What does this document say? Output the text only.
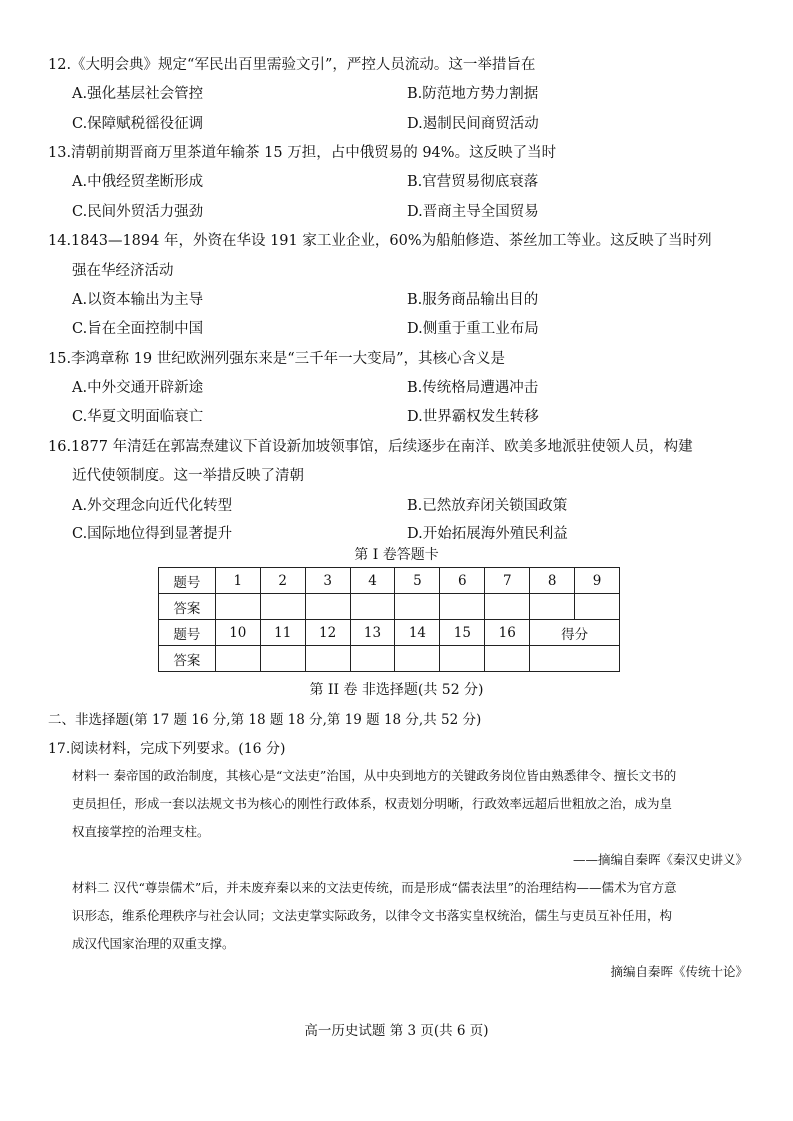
12.《大明会典》规定“军民出百里需验文引”，严控人员流动。这一举措旨在
A.强化基层社会管控	B.防范地方势力割据
C.保障赋税徭役征调	D.遏制民间商贸活动
13.清朝前期晋商万里茶道年输茶 15 万担，占中俄贸易的 94%。这反映了当时
A.中俄经贸垄断形成	B.官营贸易彻底衰落
C.民间外贸活力强劲	D.晋商主导全国贸易
14.1843—1894 年，外资在华设 191 家工业企业，60%为船舶修造、茶丝加工等业。这反映了当时列
强在华经济活动
A.以资本输出为主导	B.服务商品输出目的
C.旨在全面控制中国	D.侧重于重工业布局
15.李鸿章称 19 世纪欧洲列强东来是“三千年一大变局”，其核心含义是
A.中外交通开辟新途	B.传统格局遭遇冲击
C.华夏文明面临衰亡	D.世界霸权发生转移
16.1877 年清廷在郭嵩焘建议下首设新加坡领事馆，后续逐步在南洋、欧美多地派驻使领人员，构建
近代使领制度。这一举措反映了清朝
A.外交理念向近代化转型	B.已然放弃闭关锁国政策
C.国际地位得到显著提升	D.开始拓展海外殖民利益
第 I 卷答题卡
题号	1	2	3	4	5	6	7	8	9
答案									
题号	10	11	12	13	14	15	16	得分	
答案									
第 II 卷 非选择题(共 52 分)
二、非选择题(第 17 题 16 分,第 18 题 18 分,第 19 题 18 分,共 52 分)
17.阅读材料，完成下列要求。(16 分)
材料一 秦帝国的政治制度，其核心是“文法吏”治国，从中央到地方的关键政务岗位皆由熟悉律令、擅长文书的
吏员担任，形成一套以法规文书为核心的刚性行政体系，权责划分明晰，行政效率远超后世粗放之治，成为皇
权直接掌控的治理支柱。
——摘编自秦晖《秦汉史讲义》
材料二 汉代“尊崇儒术”后，并未废弃秦以来的文法吏传统，而是形成“儒表法里”的治理结构——儒术为官方意
识形态，维系伦理秩序与社会认同；文法吏掌实际政务，以律令文书落实皇权统治，儒生与吏员互补任用，构
成汉代国家治理的双重支撑。
摘编自秦晖《传统十论》
高一历史试题 第 3 页(共 6 页)
